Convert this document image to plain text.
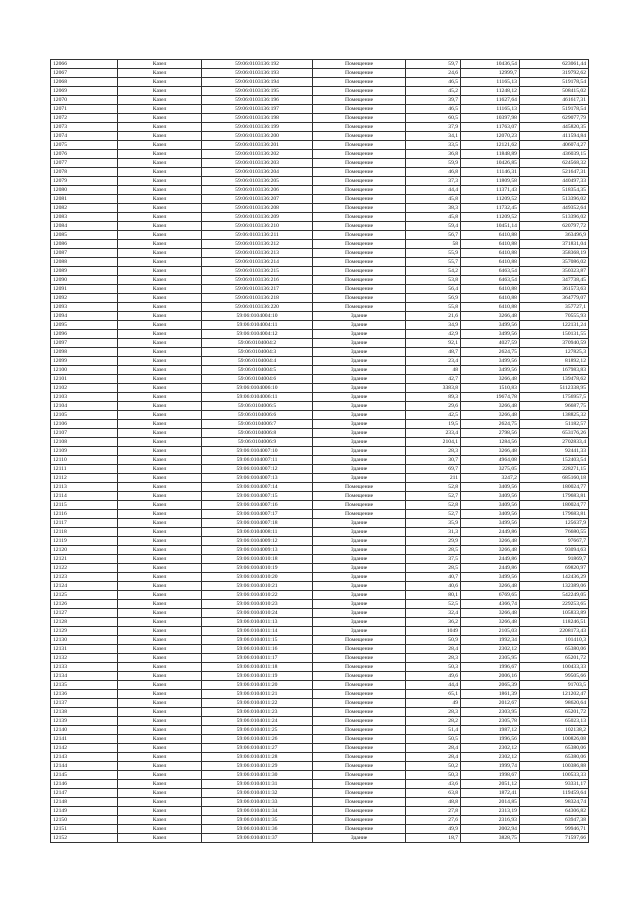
12066	Казел	59:06:0103136:192	Помещение	59,7	10436,54	623061,44
12067	Казел	59:06:0103136:193	Помещение	24,6	12999,7	319792,62
12068	Казел	59:06:0103136:194	Помещение	46,5	11165,13	519178,54
12069	Казел	59:06:0103136:195	Помещение	45,2	11248,12	508415,02
12070	Казел	59:06:0103136:196	Помещение	39,7	11627,64	461617,31
12071	Казел	59:06:0103136:197	Помещение	46,5	11165,13	519178,54
12072	Казел	59:06:0103136:198	Помещение	60,5	10397,98	629077,79
12073	Казел	59:06:0103136:199	Помещение	37,9	11763,07	445820,35
12074	Казел	59:06:0103136:200	Помещение	34,1	12070,23	411594,84
12075	Казел	59:06:0103136:201	Помещение	33,5	12121,62	406074,27
12076	Казел	59:06:0103136:202	Помещение	36,8	11848,89	436039,15
12077	Казел	59:06:0103136:203	Помещение	59,9	10426,85	624568,32
12078	Казел	59:06:0103136:204	Помещение	46,8	11146,31	521647,31
12079	Казел	59:06:0103136:205	Помещение	37,3	11809,58	440497,33
12080	Казел	59:06:0103136:206	Помещение	44,4	11371,43	518354,35
12081	Казел	59:06:0103136:207	Помещение	45,8	11209,52	513396,02
12082	Казел	59:06:0103136:208	Помещение	38,3	11732,45	449352,64
12083	Казел	59:06:0103136:209	Помещение	45,8	11209,52	513396,02
12084	Казел	59:06:0103136:210	Помещение	59,4	10451,14	620797,72
12085	Казел	59:06:0103136:211	Помещение	56,7	6410,88	363496,9
12086	Казел	59:06:0103136:212	Помещение	58	6410,88	371831,04
12087	Казел	59:06:0103136:213	Помещение	55,9	6410,88	358368,19
12088	Казел	59:06:0103136:214	Помещение	55,7	6410,88	357086,02
12089	Казел	59:06:0103136:215	Помещение	54,2	6463,54	350323,87
12090	Казел	59:06:0103136:216	Помещение	53,8	6463,54	347738,45
12091	Казел	59:06:0103136:217	Помещение	56,4	6410,88	361573,63
12092	Казел	59:06:0103136:218	Помещение	56,9	6410,88	364779,07
12093	Казел	59:06:0103136:220	Помещение	55,8	6410,88	357727,1
12094	Казел	59:06:0104004:10	Здание	21,6	3266,48	70555,93
12095	Казел	59:06:0104004:11	Здание	34,9	3499,56	122131,24
12096	Казел	59:06:0104004:12	Здание	42,9	3499,56	150131,55
12097	Казел	59:06:0104004:2	Здание	92,1	4027,59	370940,59
12098	Казел	59:06:0104004:3	Здание	48,7	2624,75	127825,3
12099	Казел	59:06:0104004:4	Здание	23,4	3499,56	81892,12
12100	Казел	59:06:0104004:5	Здание	48	3499,56	167983,83
12101	Казел	59:06:0104004:6	Здание	42,7	3266,48	139478,62
12102	Казел	59:06:0104006:10	Здание	3383,8	1510,83	5112338,95
12103	Казел	59:06:0104006:11	Здание	89,3	19674,78	1756957,5
12104	Казел	59:06:0104006:5	Здание	29,6	3266,48	96687,75
12105	Казел	59:06:0104006:6	Здание	42,5	3266,48	138825,32
12106	Казел	59:06:0104006:7	Здание	19,5	2624,75	51182,57
12107	Казел	59:06:0104006:8	Здание	233,4	2798,56	653176,26
12108	Казел	59:06:0104006:9	Здание	2104,1	1284,56	2702833,4
12109	Казел	59:06:0104007:10	Здание	28,3	3266,48	92441,33
12110	Казел	59:06:0104007:11	Здание	30,7	4964,08	152403,54
12111	Казел	59:06:0104007:12	Здание	69,7	3275,05	228271,15
12112	Казел	59:06:0104007:13	Здание	211	3247,2	685160,18
12113	Казел	59:06:0104007:14	Помещение	52,8	3409,56	180024,77
12114	Казел	59:06:0104007:15	Помещение	52,7	3409,56	179683,81
12115	Казел	59:06:0104007:16	Помещение	52,8	3409,56	180024,77
12116	Казел	59:06:0104007:17	Помещение	52,7	3409,56	179683,81
12117	Казел	59:06:0104007:18	Здание	35,9	3499,56	125637,9
12118	Казел	59:06:0104008:11	Здание	31,3	2449,86	76680,55
12119	Казел	59:06:0104009:12	Здание	29,9	3266,48	97667,7
12120	Казел	59:06:0104009:13	Здание	28,5	3266,48	93094,63
12121	Казел	59:06:0104010:18	Здание	37,5	2449,86	91869,7
12122	Казел	59:06:0104010:19	Здание	28,5	2449,86	69820,97
12123	Казел	59:06:0104010:20	Здание	40,7	3499,56	142436,29
12124	Казел	59:06:0104010:21	Здание	40,6	3266,48	132389,06
12125	Казел	59:06:0104010:22	Здание	80,1	6769,65	542249,05
12126	Казел	59:06:0104010:23	Здание	52,5	4366,74	229253,65
12127	Казел	59:06:0104010:24	Здание	32,4	3266,48	105833,89
12128	Казел	59:06:0104011:13	Здание	36,2	3266,48	118246,51
12129	Казел	59:06:0104011:14	Здание	1049	2105,03	2208173,43
12130	Казел	59:06:0104011:15	Помещение	50,9	1992,34	101410,3
12131	Казел	59:06:0104011:16	Помещение	28,4	2302,12	65380,06
12132	Казел	59:06:0104011:17	Помещение	28,3	2305,95	65201,72
12133	Казел	59:06:0104011:18	Помещение	50,3	1996,67	100433,33
12134	Казел	59:06:0104011:19	Помещение	49,6	2006,16	99505,66
12135	Казел	59:06:0104011:20	Помещение	44,4	2065,39	91703,5
12136	Казел	59:06:0104011:21	Помещение	65,1	1861,39	121202,47
12137	Казел	59:06:0104011:22	Помещение	49	2012,67	98620,64
12138	Казел	59:06:0104011:23	Помещение	28,3	2303,95	65201,72
12139	Казел	59:06:0104011:24	Помещение	28,2	2305,78	65023,13
12140	Казел	59:06:0104011:25	Помещение	51,4	1987,12	102138,2
12141	Казел	59:06:0104011:26	Помещение	50,5	1996,56	100826,08
12142	Казел	59:06:0104011:27	Помещение	28,4	2302,12	65380,06
12143	Казел	59:06:0104011:28	Помещение	28,4	2302,12	65380,06
12144	Казел	59:06:0104011:29	Помещение	50,2	1999,74	100386,88
12145	Казел	59:06:0104011:30	Помещение	50,3	1998,67	100533,33
12146	Казел	59:06:0104011:31	Помещение	43,6	2051,12	93331,17
12147	Казел	59:06:0104011:32	Помещение	63,8	1872,41	119459,64
12148	Казел	59:06:0104011:33	Помещение	48,8	2014,85	98324,74
12149	Казел	59:06:0104011:34	Помещение	27,8	2313,19	64306,82
12150	Казел	59:06:0104011:35	Помещение	27,6	2316,93	63947,38
12151	Казел	59:06:0104011:36	Помещение	49,9	2002,94	99946,71
12152	Казел	59:06:0104011:37	Здание	18,7	3828,75	71597,66
